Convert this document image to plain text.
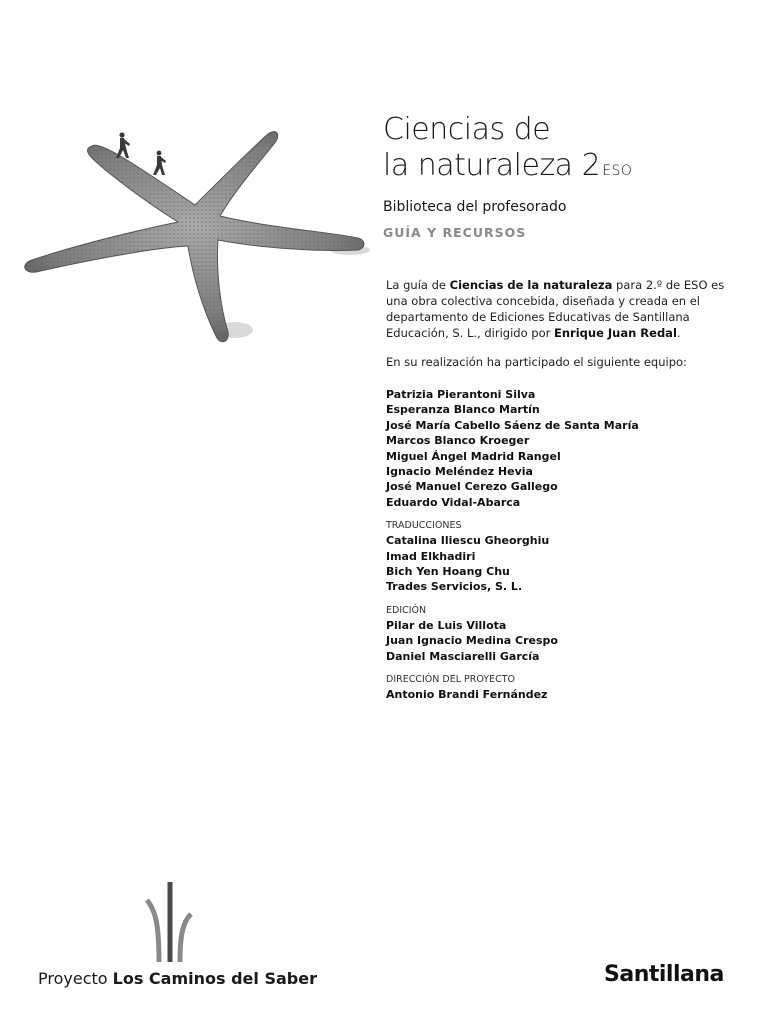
Ciencias de
la naturaleza 2 ESO
Biblioteca del profesorado
GUÍA Y RECURSOS
La guía de Ciencias de la naturaleza para 2.º de ESO es una obra colectiva concebida, diseñada y creada en el departamento de Ediciones Educativas de Santillana Educación, S. L., dirigido por Enrique Juan Redal.
En su realización ha participado el siguiente equipo:
Patrizia Pierantoni Silva
Esperanza Blanco Martín
José María Cabello Sáenz de Santa María
Marcos Blanco Kroeger
Miguel Ángel Madrid Rangel
Ignacio Meléndez Hevia
José Manuel Cerezo Gallego
Eduardo Vidal-Abarca
TRADUCCIONES
Catalina Iliescu Gheorghiu
Imad Elkhadiri
Bich Yen Hoang Chu
Trades Servicios, S. L.
EDICIÓN
Pilar de Luis Villota
Juan Ignacio Medina Crespo
Daniel Masciarelli García
DIRECCIÓN DEL PROYECTO
Antonio Brandi Fernández
Proyecto Los Caminos del Saber	Santillana
